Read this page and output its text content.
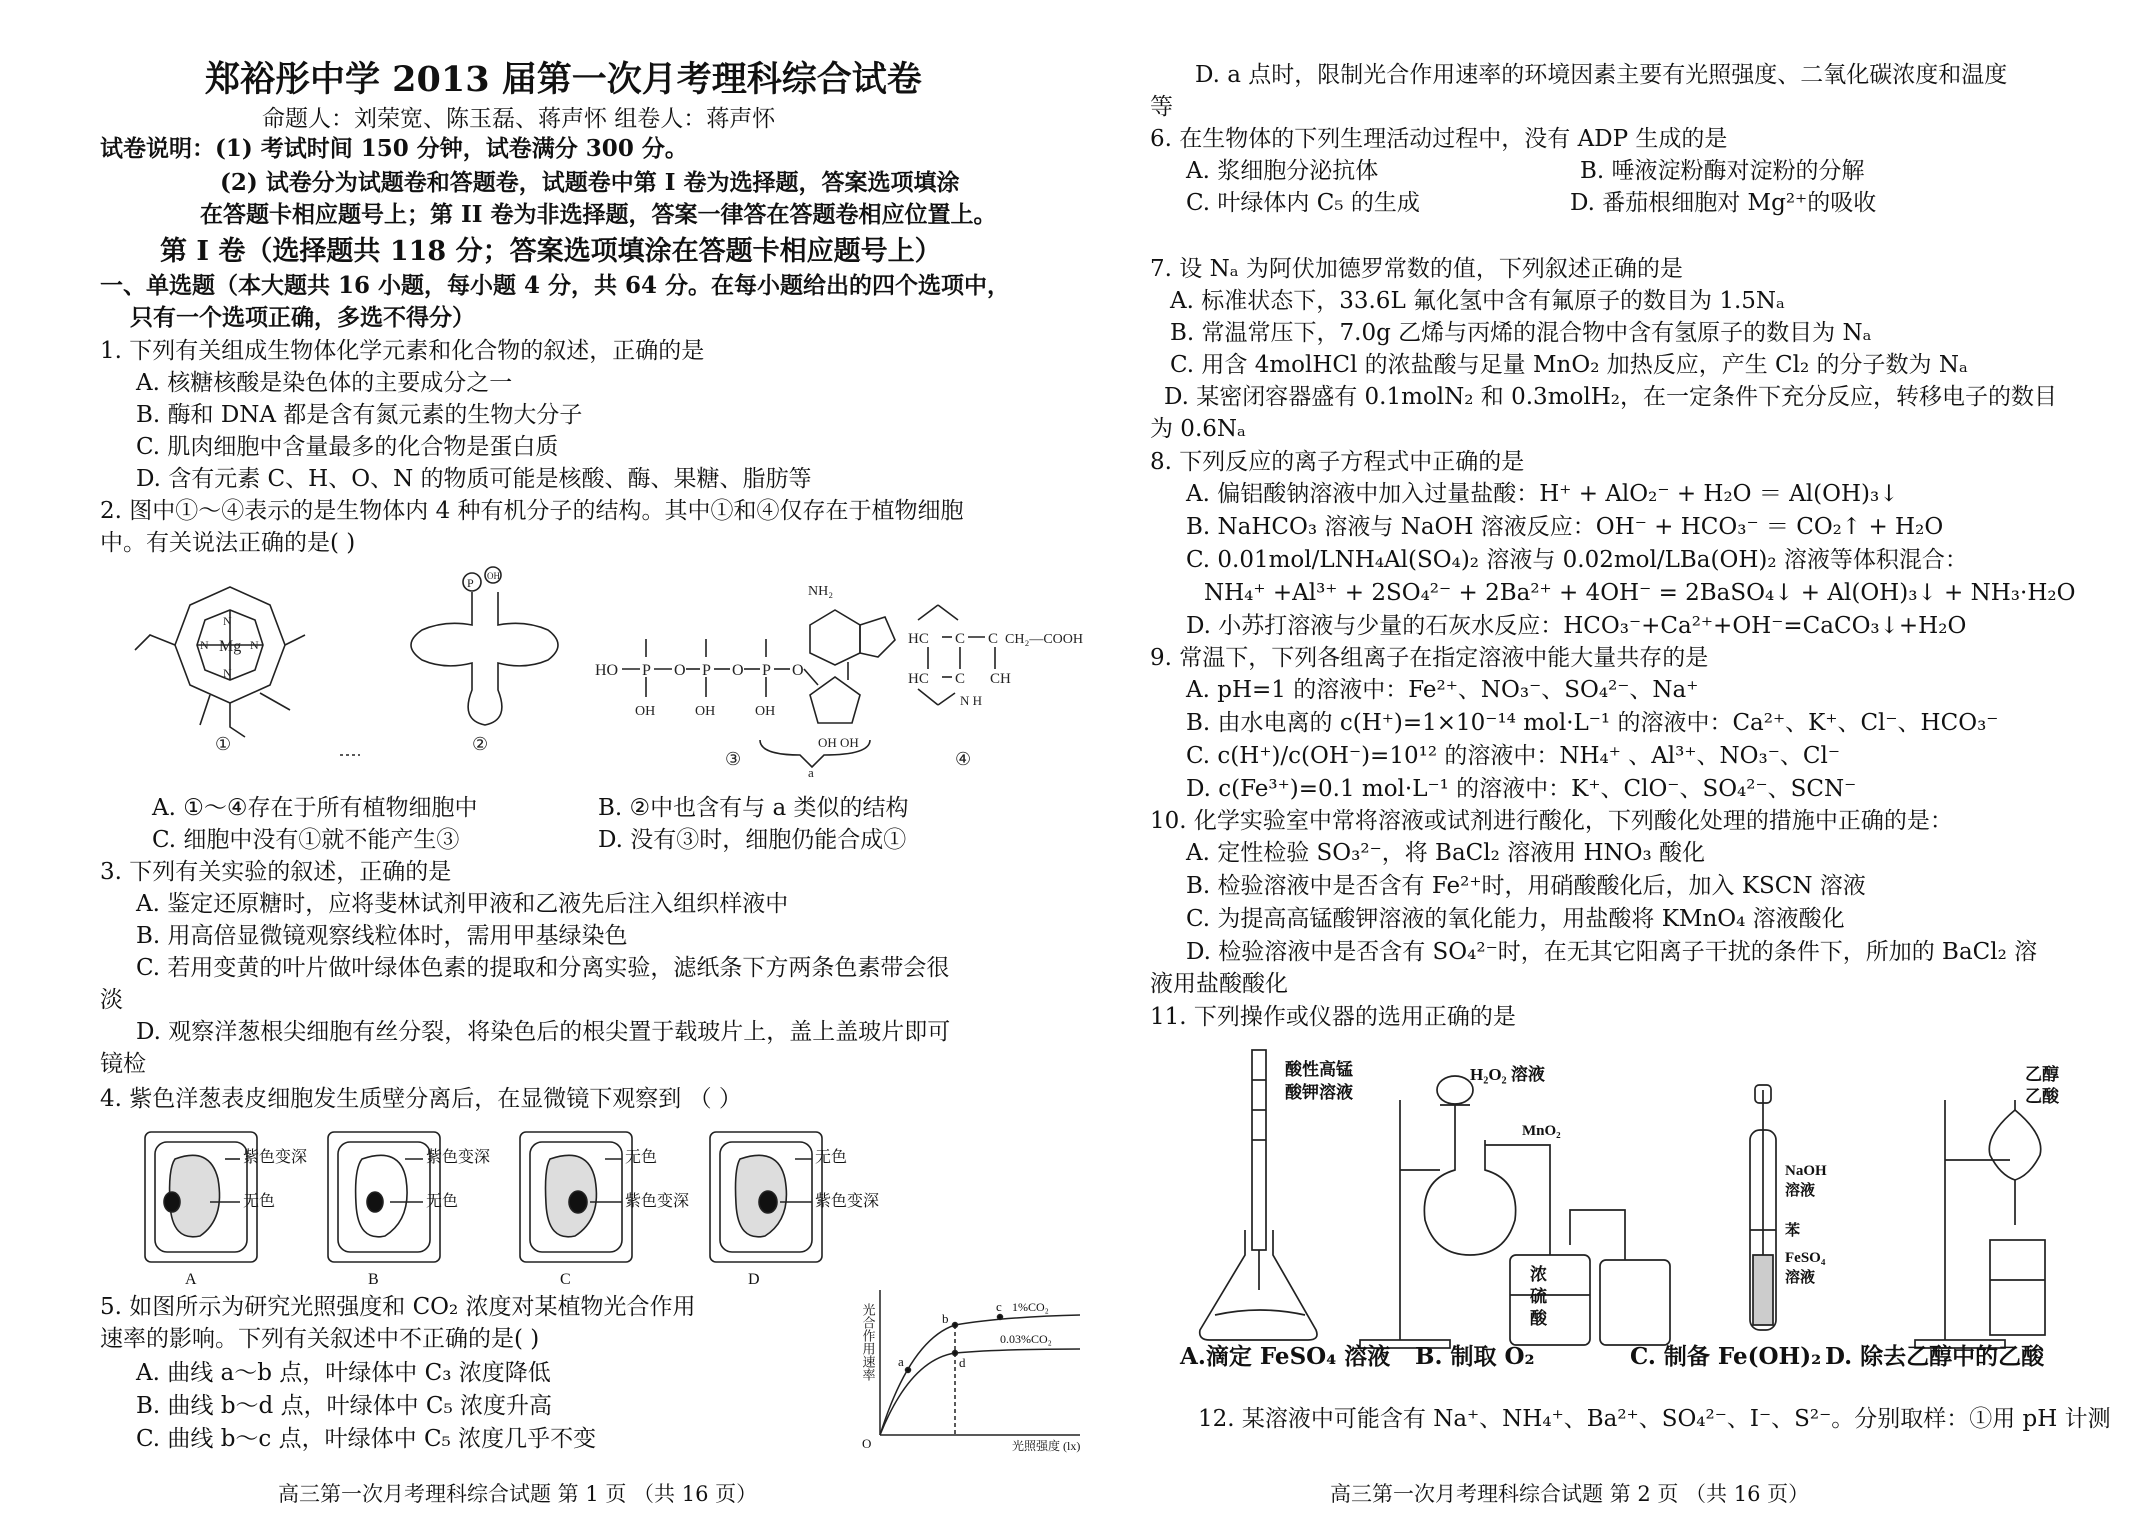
郑裕彤中学 2013 届第一次月考理科综合试卷
命题人：刘荣宽、陈玉磊、蒋声怀 组卷人：蒋声怀
试卷说明：(1) 考试时间 150 分钟，试卷满分 300 分。
(2) 试卷分为试题卷和答题卷，试题卷中第 I 卷为选择题，答案选项填涂
在答题卡相应题号上；第 II 卷为非选择题，答案一律答在答题卷相应位置上。
第 I 卷（选择题共 118 分；答案选项填涂在答题卡相应题号上）
一、单选题（本大题共 16 小题，每小题 4 分，共 64 分。在每小题给出的四个选项中，
只有一个选项正确，多选不得分）
1. 下列有关组成生物体化学元素和化合物的叙述，正确的是
A. 核糖核酸是染色体的主要成分之一
B. 酶和 DNA 都是含有氮元素的生物大分子
C. 肌肉细胞中含量最多的化合物是蛋白质
D. 含有元素 C、H、O、N 的物质可能是核酸、酶、果糖、脂肪等
2. 图中①～④表示的是生物体内 4 种有机分子的结构。其中①和④仅存在于植物细胞
中。有关说法正确的是( )
Mg
N
N
N	N
①
P OH
②
HO P O P O P O
OH	OH	OH
NH₂
OH OH
a
③
HC
HC
C
C
C
CH
CH₂—COOH
N H
④
A. ①～④存在于所有植物细胞中	B. ②中也含有与 a 类似的结构
C. 细胞中没有①就不能产生③	D. 没有③时，细胞仍能合成①
3. 下列有关实验的叙述，正确的是
A. 鉴定还原糖时，应将斐林试剂甲液和乙液先后注入组织样液中
B. 用高倍显微镜观察线粒体时，需用甲基绿染色
C. 若用变黄的叶片做叶绿体色素的提取和分离实验，滤纸条下方两条色素带会很
淡
D. 观察洋葱根尖细胞有丝分裂，将染色后的根尖置于载玻片上，盖上盖玻片即可
镜检
4. 紫色洋葱表皮细胞发生质壁分离后，在显微镜下观察到 （ ）
紫色变深
无色
A
紫色变深
无色
B
无色
紫色变深
C
无色
紫色变深
D
5. 如图所示为研究光照强度和 CO₂ 浓度对某植物光合作用
速率的影响。下列有关叙述中不正确的是( )
A. 曲线 a～b 点，叶绿体中 C₃ 浓度降低
B. 曲线 b～d 点，叶绿体中 C₅ 浓度升高
C. 曲线 b～c 点，叶绿体中 C₅ 浓度几乎不变	O
光合作用速率
光照强度 (lx)
a
b
c
d
1%CO₂
0.03%CO₂
高三第一次月考理科综合试题 第 1 页 （共 16 页）
D. a 点时，限制光合作用速率的环境因素主要有光照强度、二氧化碳浓度和温度
等
6. 在生物体的下列生理活动过程中，没有 ADP 生成的是
A. 浆细胞分泌抗体	B. 唾液淀粉酶对淀粉的分解
C. 叶绿体内 C₅ 的生成	D. 番茄根细胞对 Mg²⁺的吸收
7. 设 Nₐ 为阿伏加德罗常数的值，下列叙述正确的是
A. 标准状态下，33.6L 氟化氢中含有氟原子的数目为 1.5Nₐ
B. 常温常压下，7.0g 乙烯与丙烯的混合物中含有氢原子的数目为 Nₐ
C. 用含 4molHCl 的浓盐酸与足量 MnO₂ 加热反应，产生 Cl₂ 的分子数为 Nₐ
D. 某密闭容器盛有 0.1molN₂ 和 0.3molH₂，在一定条件下充分反应，转移电子的数目
为 0.6Nₐ
8. 下列反应的离子方程式中正确的是
A. 偏铝酸钠溶液中加入过量盐酸：H⁺ + AlO₂⁻ + H₂O ＝ Al(OH)₃↓
B. NaHCO₃ 溶液与 NaOH 溶液反应：OH⁻ + HCO₃⁻ ＝ CO₂↑ + H₂O
C. 0.01mol/LNH₄Al(SO₄)₂ 溶液与 0.02mol/LBa(OH)₂ 溶液等体积混合：
NH₄⁺ +Al³⁺ + 2SO₄²⁻ + 2Ba²⁺ + 4OH⁻ = 2BaSO₄↓ + Al(OH)₃↓ + NH₃·H₂O
D. 小苏打溶液与少量的石灰水反应：HCO₃⁻+Ca²⁺+OH⁻=CaCO₃↓+H₂O
9. 常温下，下列各组离子在指定溶液中能大量共存的是
A. pH=1 的溶液中：Fe²⁺、NO₃⁻、SO₄²⁻、Na⁺
B. 由水电离的 c(H⁺)=1×10⁻¹⁴ mol·L⁻¹ 的溶液中：Ca²⁺、K⁺、Cl⁻、HCO₃⁻
C. c(H⁺)/c(OH⁻)=10¹² 的溶液中：NH₄⁺ 、Al³⁺、NO₃⁻、Cl⁻
D. c(Fe³⁺)=0.1 mol·L⁻¹ 的溶液中：K⁺、ClO⁻、SO₄²⁻、SCN⁻
10. 化学实验室中常将溶液或试剂进行酸化，下列酸化处理的措施中正确的是：
A. 定性检验 SO₃²⁻，将 BaCl₂ 溶液用 HNO₃ 酸化
B. 检验溶液中是否含有 Fe²⁺时，用硝酸酸化后，加入 KSCN 溶液
C. 为提高高锰酸钾溶液的氧化能力，用盐酸将 KMnO₄ 溶液酸化
D. 检验溶液中是否含有 SO₄²⁻时，在无其它阳离子干扰的条件下，所加的 BaCl₂ 溶
液用盐酸酸化
11. 下列操作或仪器的选用正确的是
酸性高锰
酸钾溶液
H₂O₂ 溶液
MnO₂
浓
硫
酸
NaOH
溶液
苯
FeSO₄
溶液
乙醇
乙酸
A.滴定 FeSO₄ 溶液 B. 制取 O₂	C. 制备 Fe(OH)₂ D. 除去乙醇中的乙酸
12. 某溶液中可能含有 Na⁺、NH₄⁺、Ba²⁺、SO₄²⁻、I⁻、S²⁻。分别取样：①用 pH 计测
高三第一次月考理科综合试题 第 2 页 （共 16 页）
